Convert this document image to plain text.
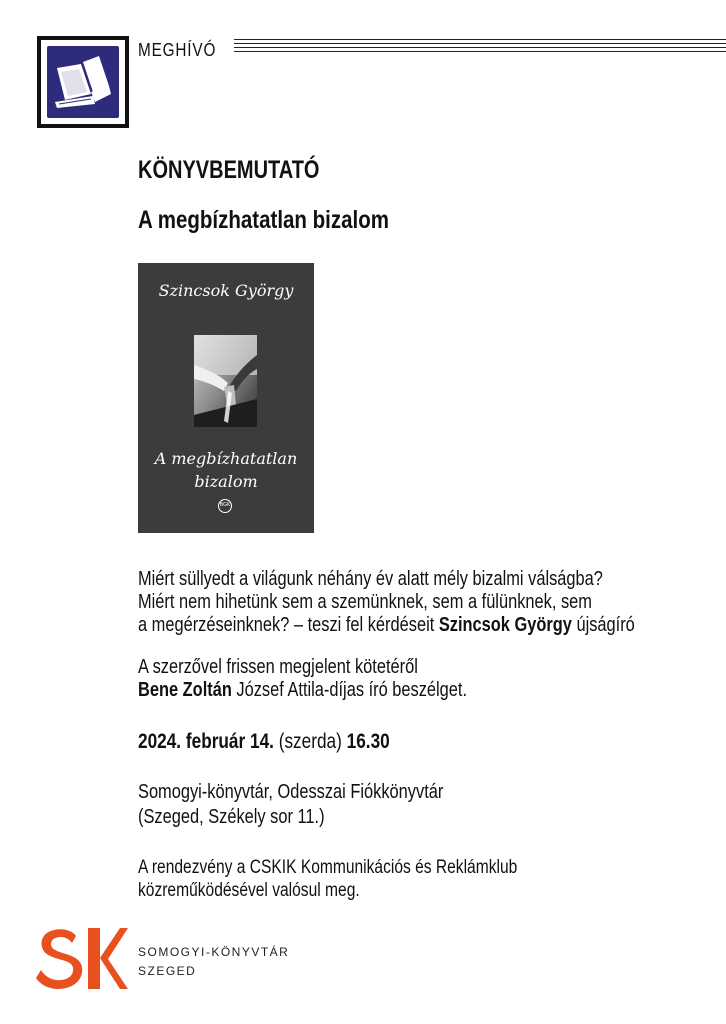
MEGHÍVÓ
KÖNYVBEMUTATÓ
A megbízhatatlan bizalom
Szincsok György
A megbízhatatlan
bizalom
BGK
Miért süllyedt a világunk néhány év alatt mély bizalmi válságba?
Miért nem hihetünk sem a szemünknek, sem a fülünknek, sem
a megérzéseinknek? – teszi fel kérdéseit Szincsok György újságíró
A szerzővel frissen megjelent kötetéről
Bene Zoltán József Attila-díjas író beszélget.
2024. február 14. (szerda) 16.30
Somogyi-könyvtár, Odesszai Fiókkönyvtár
(Szeged, Székely sor 11.)
A rendezvény a CSKIK Kommunikációs és Reklámklub
közreműködésével valósul meg.
SOMOGYI-KÖNYVTÁR
SZEGED
